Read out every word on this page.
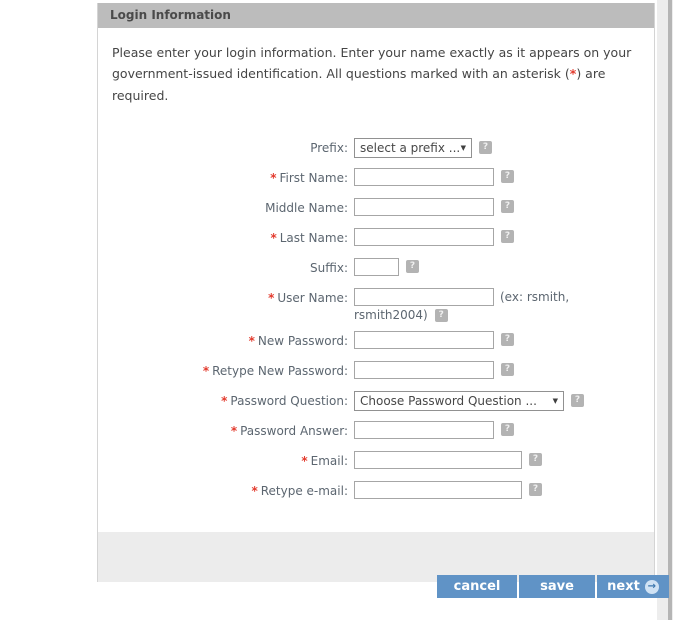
Login Information

Please enter your login information. Enter your name exactly as it appears on your government-issued identification. All questions marked with an asterisk (*) are required.

Prefix: select a prefix ... ▼	?
* First Name:	?
Middle Name:	?
* Last Name:	?
Suffix:	?
* User Name:	(ex: rsmith,
rsmith2004)	?
* New Password:	?
* Retype New Password:	?
* Password Question: Choose Password Question ... ▼	?
* Password Answer:	?
* Email:	?
* Retype e-mail:	?
cancel	save	next →
